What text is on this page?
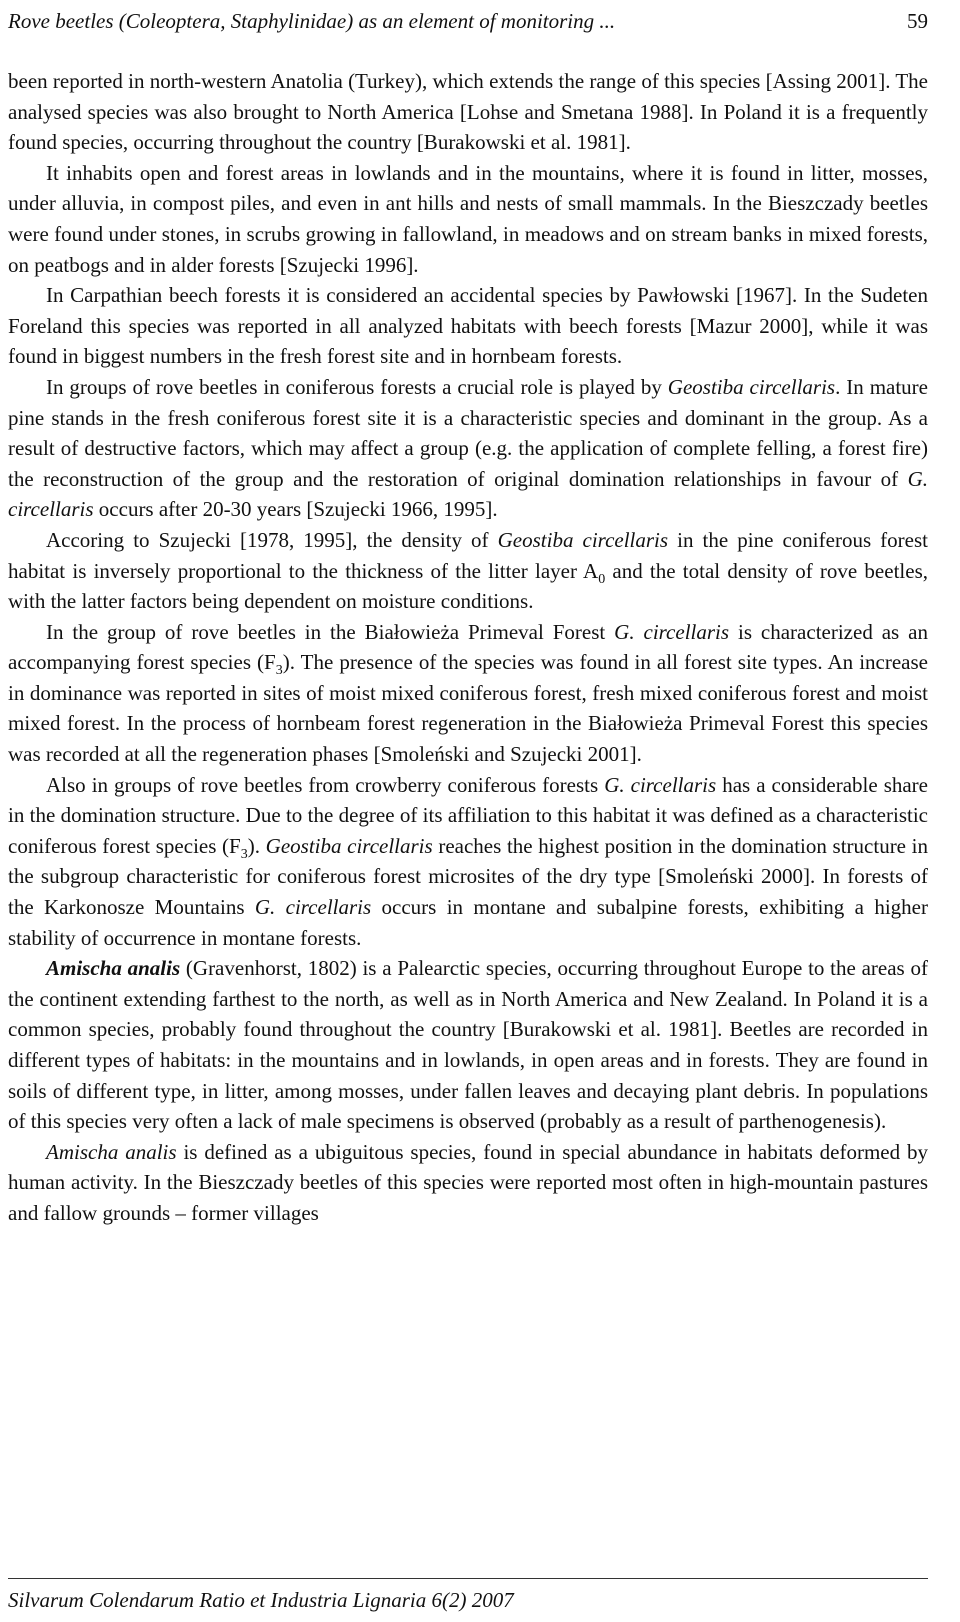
Rove beetles (Coleoptera, Staphylinidae) as an element of monitoring ...	59

been reported in north-western Anatolia (Turkey), which extends the range of this species [Assing 2001]. The analysed species was also brought to North America [Lohse and Smetana 1988]. In Poland it is a frequently found species, occurring throughout the country [Burakowski et al. 1981].

It inhabits open and forest areas in lowlands and in the mountains, where it is found in litter, mosses, under alluvia, in compost piles, and even in ant hills and nests of small mammals. In the Bieszczady beetles were found under stones, in scrubs growing in fallowland, in meadows and on stream banks in mixed forests, on peatbogs and in alder forests [Szujecki 1996].

In Carpathian beech forests it is considered an accidental species by Pawłowski [1967]. In the Sudeten Foreland this species was reported in all analyzed habitats with beech forests [Mazur 2000], while it was found in biggest numbers in the fresh forest site and in hornbeam forests.

In groups of rove beetles in coniferous forests a crucial role is played by Geostiba circellaris. In mature pine stands in the fresh coniferous forest site it is a characteristic species and dominant in the group. As a result of destructive factors, which may affect a group (e.g. the application of complete felling, a forest fire) the reconstruction of the group and the restoration of original domination relationships in favour of G. circellaris occurs after 20-30 years [Szujecki 1966, 1995].

Accoring to Szujecki [1978, 1995], the density of Geostiba circellaris in the pine coniferous forest habitat is inversely proportional to the thickness of the litter layer $A_0$ and the total density of rove beetles, with the latter factors being dependent on moisture conditions.

In the group of rove beetles in the Białowieża Primeval Forest G. circellaris is characterized as an accompanying forest species $(F_3)$. The presence of the species was found in all forest site types. An increase in dominance was reported in sites of moist mixed coniferous forest, fresh mixed coniferous forest and moist mixed forest. In the process of hornbeam forest regeneration in the Białowieża Primeval Forest this species was recorded at all the regeneration phases [Smoleński and Szujecki 2001].

Also in groups of rove beetles from crowberry coniferous forests G. circellaris has a considerable share in the domination structure. Due to the degree of its affiliation to this habitat it was defined as a characteristic coniferous forest species $(F_3)$. Geostiba circellaris reaches the highest position in the domination structure in the subgroup characteristic for coniferous forest microsites of the dry type [Smoleński 2000]. In forests of the Karkonosze Mountains G. circellaris occurs in montane and subalpine forests, exhibiting a higher stability of occurrence in montane forests.

Amischa analis (Gravenhorst, 1802) is a Palearctic species, occurring throughout Europe to the areas of the continent extending farthest to the north, as well as in North America and New Zealand. In Poland it is a common species, probably found throughout the country [Burakowski et al. 1981]. Beetles are recorded in different types of habitats: in the mountains and in lowlands, in open areas and in forests. They are found in soils of different type, in litter, among mosses, under fallen leaves and decaying plant debris. In populations of this species very often a lack of male specimens is observed (probably as a result of parthenogenesis).

Amischa analis is defined as a ubiguitous species, found in special abundance in habitats deformed by human activity. In the Bieszczady beetles of this species were reported most often in high-mountain pastures and fallow grounds – former villages

Silvarum Colendarum Ratio et Industria Lignaria 6(2) 2007
